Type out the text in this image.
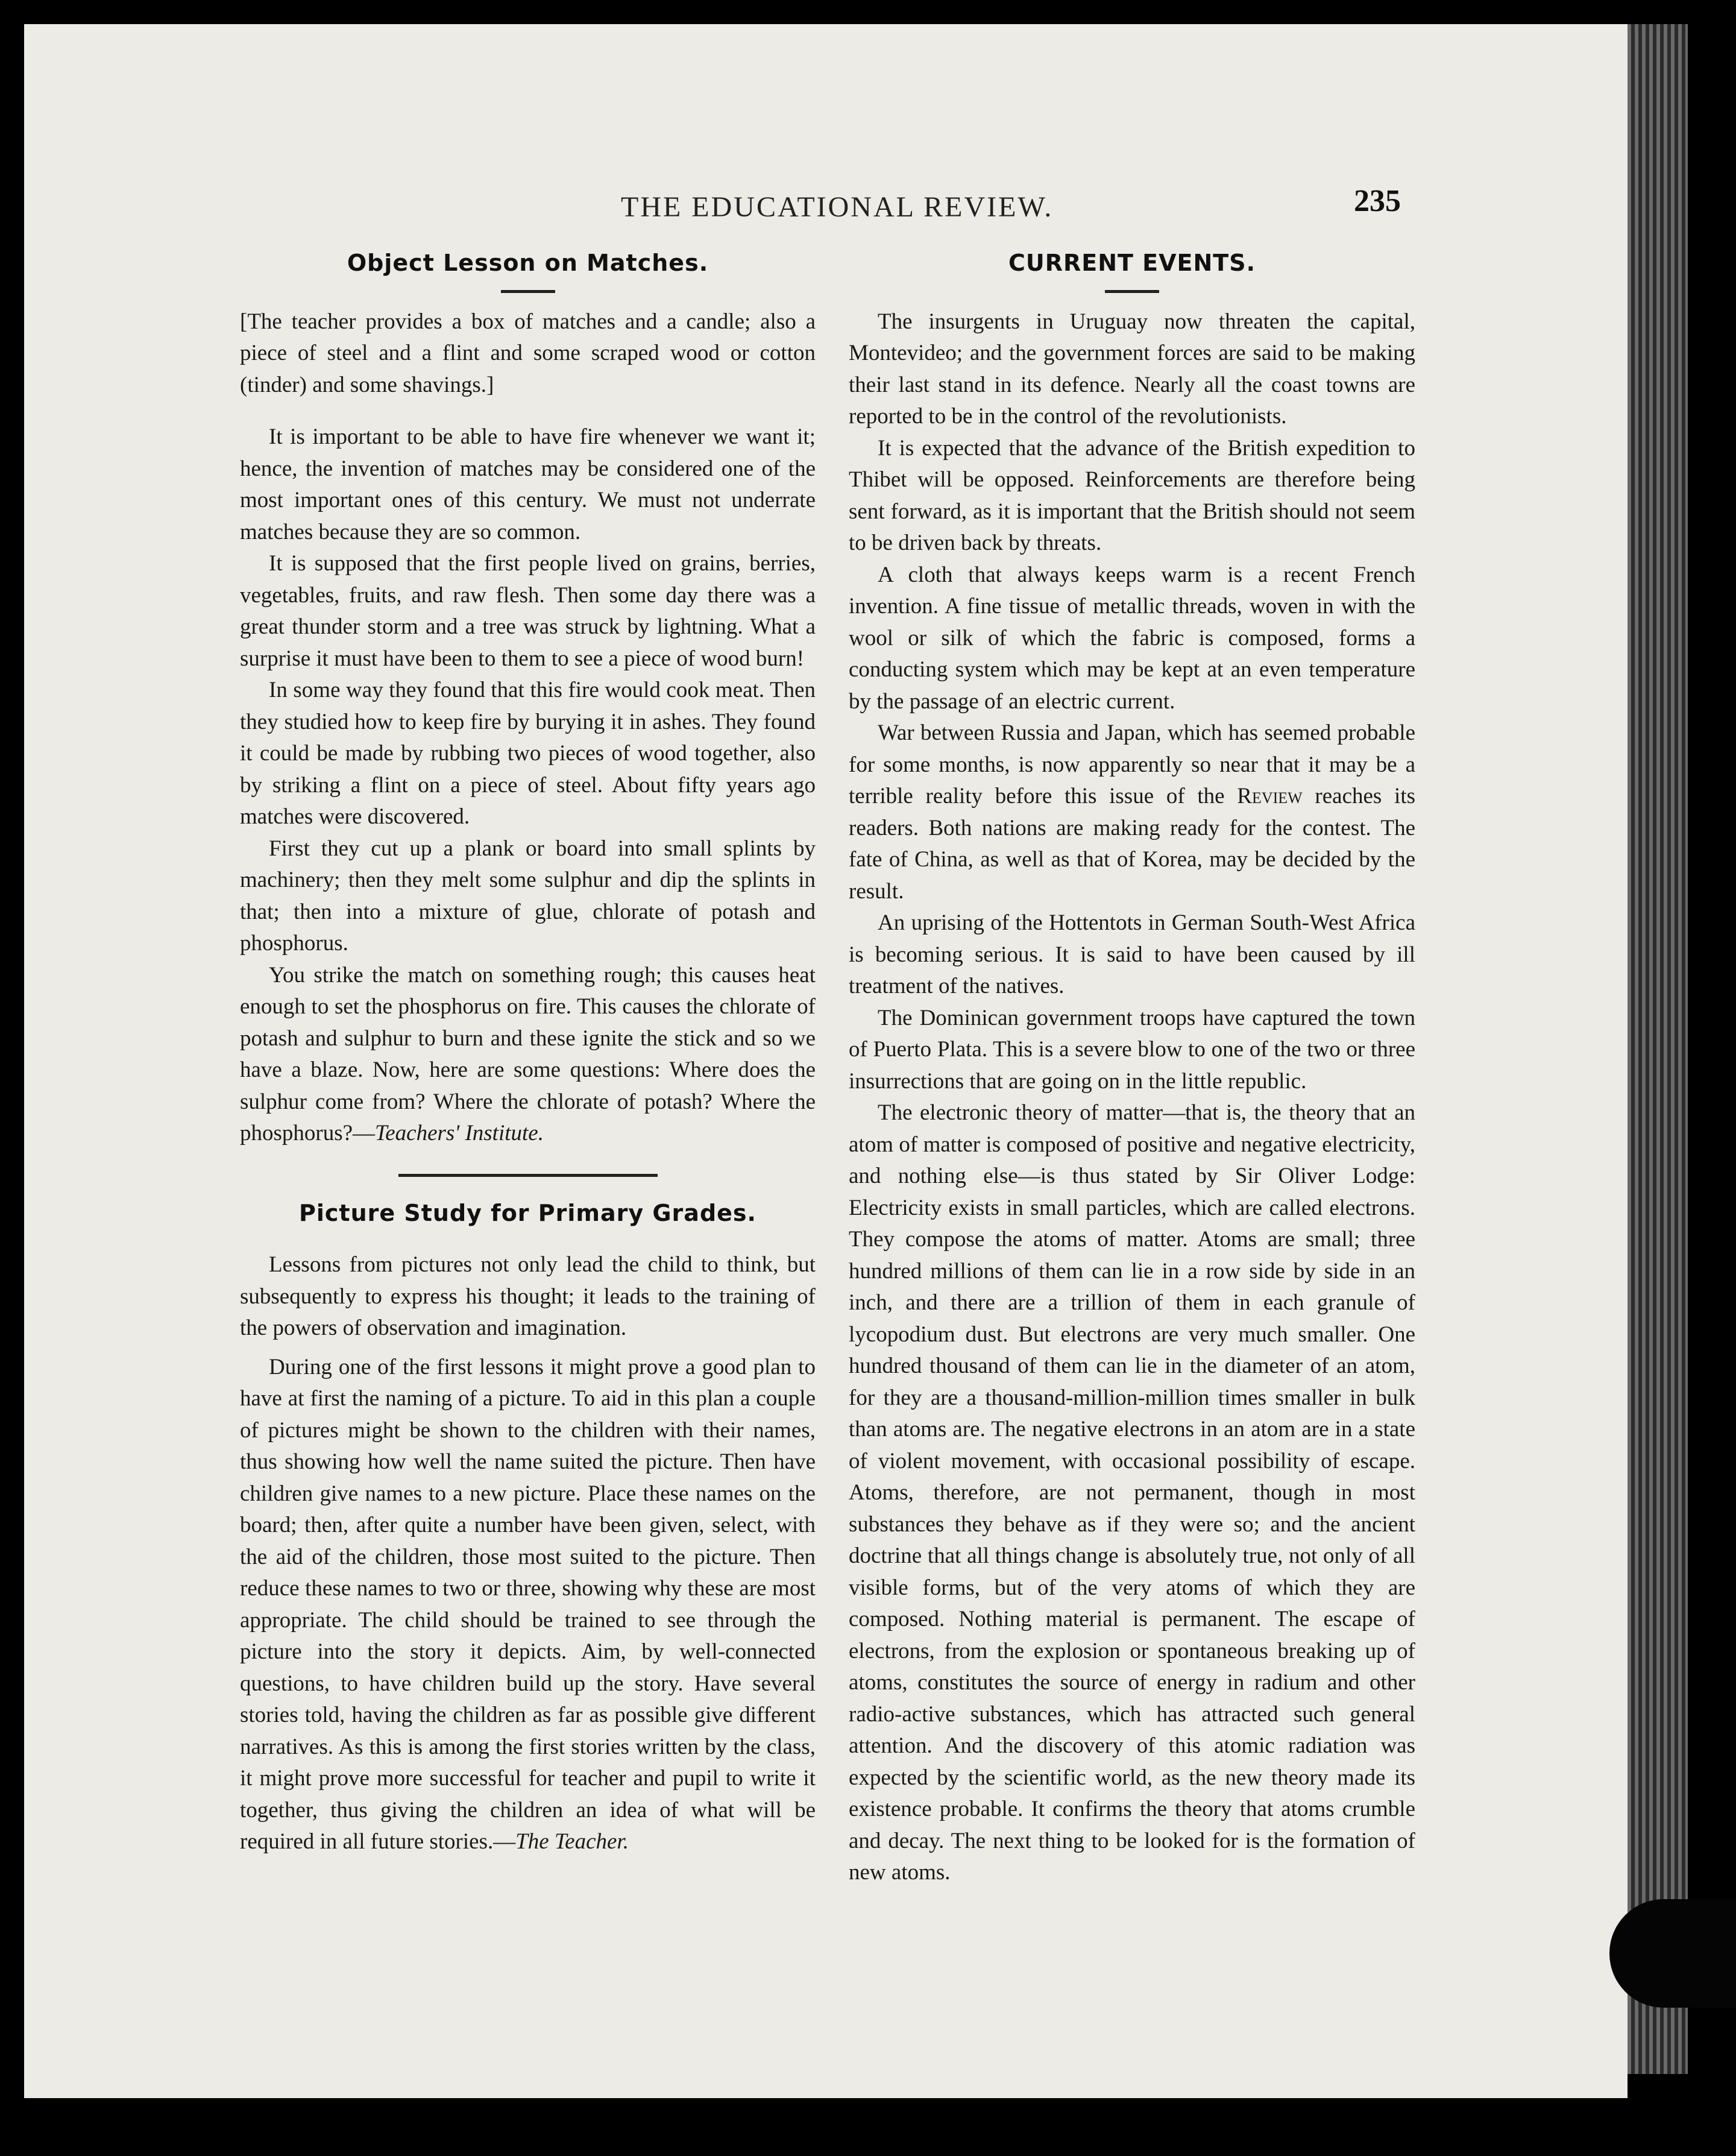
THE EDUCATIONAL REVIEW.	235
Object Lesson on Matches.

[The teacher provides a box of matches and a candle; also a piece of steel and a flint and some scraped wood or cotton (tinder) and some shavings.]

It is important to be able to have fire whenever we want it; hence, the invention of matches may be considered one of the most important ones of this century. We must not underrate matches because they are so common.

It is supposed that the first people lived on grains, berries, vegetables, fruits, and raw flesh. Then some day there was a great thunder storm and a tree was struck by lightning. What a surprise it must have been to them to see a piece of wood burn!

In some way they found that this fire would cook meat. Then they studied how to keep fire by burying it in ashes. They found it could be made by rubbing two pieces of wood together, also by striking a flint on a piece of steel. About fifty years ago matches were discovered.

First they cut up a plank or board into small splints by machinery; then they melt some sulphur and dip the splints in that; then into a mixture of glue, chlorate of potash and phosphorus.

You strike the match on something rough; this causes heat enough to set the phosphorus on fire. This causes the chlorate of potash and sulphur to burn and these ignite the stick and so we have a blaze. Now, here are some questions: Where does the sulphur come from? Where the chlorate of potash? Where the phosphorus?—Teachers' Institute.

Picture Study for Primary Grades.

Lessons from pictures not only lead the child to think, but subsequently to express his thought; it leads to the training of the powers of observation and imagination.

During one of the first lessons it might prove a good plan to have at first the naming of a picture. To aid in this plan a couple of pictures might be shown to the children with their names, thus showing how well the name suited the picture. Then have children give names to a new picture. Place these names on the board; then, after quite a number have been given, select, with the aid of the children, those most suited to the picture. Then reduce these names to two or three, showing why these are most appropriate. The child should be trained to see through the picture into the story it depicts. Aim, by well-connected questions, to have children build up the story. Have several stories told, having the children as far as possible give different narratives. As this is among the first stories written by the class, it might prove more successful for teacher and pupil to write it together, thus giving the children an idea of what will be required in all future stories.—The Teacher.

CURRENT EVENTS.

The insurgents in Uruguay now threaten the capital, Montevideo; and the government forces are said to be making their last stand in its defence. Nearly all the coast towns are reported to be in the control of the revolutionists.

It is expected that the advance of the British expedition to Thibet will be opposed. Reinforcements are therefore being sent forward, as it is important that the British should not seem to be driven back by threats.

A cloth that always keeps warm is a recent French invention. A fine tissue of metallic threads, woven in with the wool or silk of which the fabric is composed, forms a conducting system which may be kept at an even temperature by the passage of an electric current.

War between Russia and Japan, which has seemed probable for some months, is now apparently so near that it may be a terrible reality before this issue of the Review reaches its readers. Both nations are making ready for the contest. The fate of China, as well as that of Korea, may be decided by the result.

An uprising of the Hottentots in German South-West Africa is becoming serious. It is said to have been caused by ill treatment of the natives.

The Dominican government troops have captured the town of Puerto Plata. This is a severe blow to one of the two or three insurrections that are going on in the little republic.

The electronic theory of matter—that is, the theory that an atom of matter is composed of positive and negative electricity, and nothing else—is thus stated by Sir Oliver Lodge: Electricity exists in small particles, which are called electrons. They compose the atoms of matter. Atoms are small; three hundred millions of them can lie in a row side by side in an inch, and there are a trillion of them in each granule of lycopodium dust. But electrons are very much smaller. One hundred thousand of them can lie in the diameter of an atom, for they are a thousand-million-million times smaller in bulk than atoms are. The negative electrons in an atom are in a state of violent movement, with occasional possibility of escape. Atoms, therefore, are not permanent, though in most substances they behave as if they were so; and the ancient doctrine that all things change is absolutely true, not only of all visible forms, but of the very atoms of which they are composed. Nothing material is permanent. The escape of electrons, from the explosion or spontaneous breaking up of atoms, constitutes the source of energy in radium and other radio-active substances, which has attracted such general attention. And the discovery of this atomic radiation was expected by the scientific world, as the new theory made its existence probable. It confirms the theory that atoms crumble and decay. The next thing to be looked for is the formation of new atoms.
